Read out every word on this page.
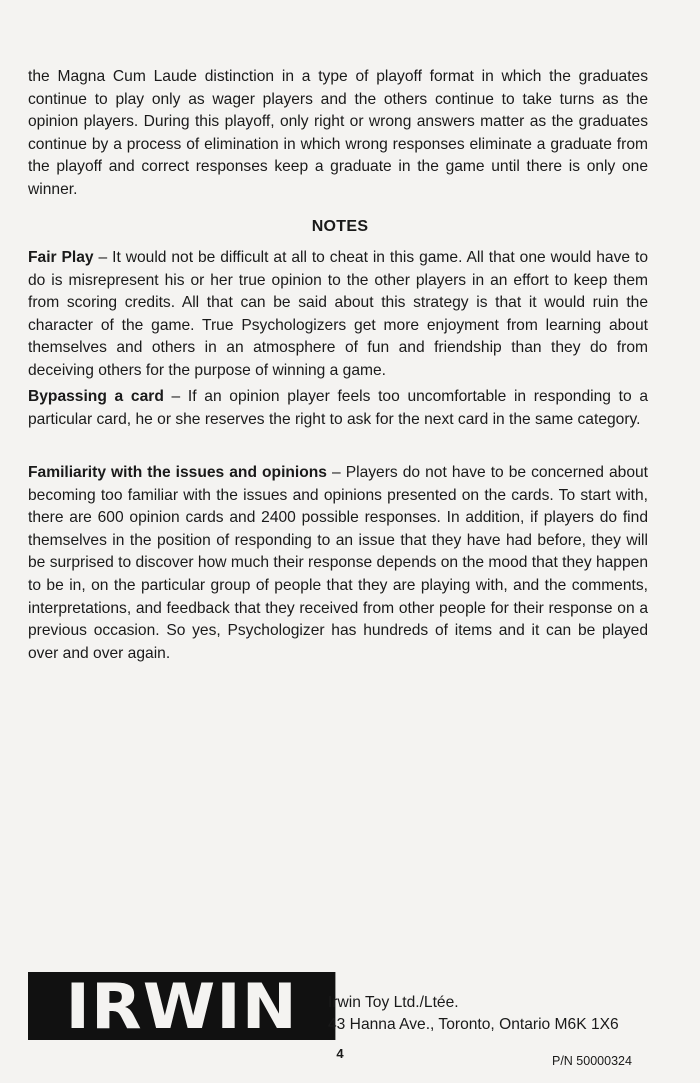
the Magna Cum Laude distinction in a type of playoff format in which the graduates continue to play only as wager players and the others continue to take turns as the opinion players. During this playoff, only right or wrong answers matter as the graduates continue by a process of elimination in which wrong responses eliminate a graduate from the playoff and correct responses keep a graduate in the game until there is only one winner.

NOTES

Fair Play – It would not be difficult at all to cheat in this game. All that one would have to do is misrepresent his or her true opinion to the other players in an effort to keep them from scoring credits. All that can be said about this strategy is that it would ruin the character of the game. True Psychologizers get more enjoyment from learning about themselves and others in an atmosphere of fun and friendship than they do from deceiving others for the purpose of winning a game.

Bypassing a card – If an opinion player feels too uncomfortable in responding to a particular card, he or she reserves the right to ask for the next card in the same category.

Familiarity with the issues and opinions – Players do not have to be concerned about becoming too familiar with the issues and opinions presented on the cards. To start with, there are 600 opinion cards and 2400 possible responses. In addition, if players do find themselves in the position of responding to an issue that they have had before, they will be surprised to discover how much their response depends on the mood that they happen to be in, on the particular group of people that they are playing with, and the comments, interpretations, and feedback that they received from other people for their response on a previous occasion. So yes, Psychologizer has hundreds of items and it can be played over and over again.

IRWIN	Irwin Toy Ltd./Ltée.
43 Hanna Ave., Toronto, Ontario M6K 1X6
4	P/N 50000324
